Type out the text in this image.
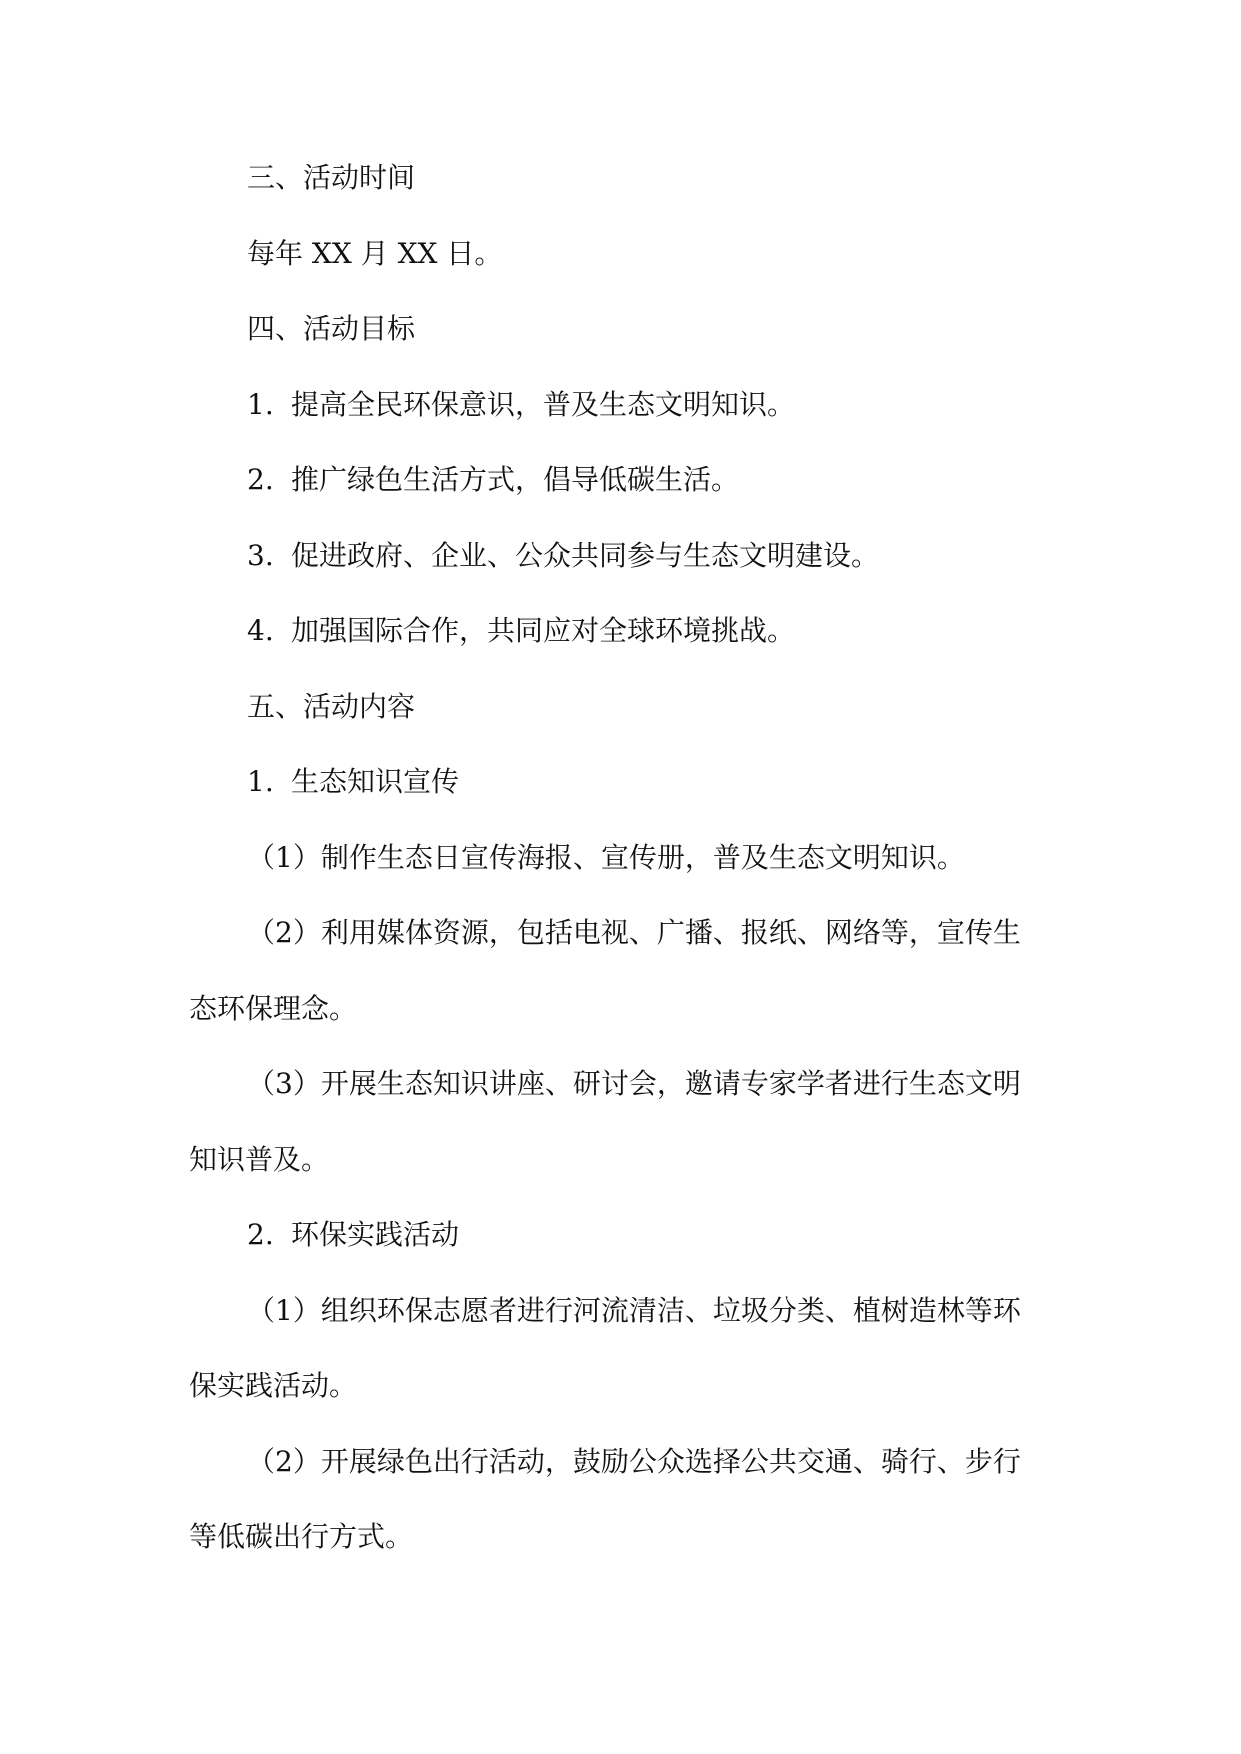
三、活动时间

每年 XX 月 XX 日。

四、活动目标

1. 提高全民环保意识，普及生态文明知识。

2. 推广绿色生活方式，倡导低碳生活。

3. 促进政府、企业、公众共同参与生态文明建设。

4. 加强国际合作，共同应对全球环境挑战。

五、活动内容

1. 生态知识宣传

（1）制作生态日宣传海报、宣传册，普及生态文明知识。

（2）利用媒体资源，包括电视、广播、报纸、网络等，宣传生

态环保理念。

（3）开展生态知识讲座、研讨会，邀请专家学者进行生态文明

知识普及。

2. 环保实践活动

（1）组织环保志愿者进行河流清洁、垃圾分类、植树造林等环

保实践活动。

（2）开展绿色出行活动，鼓励公众选择公共交通、骑行、步行

等低碳出行方式。
